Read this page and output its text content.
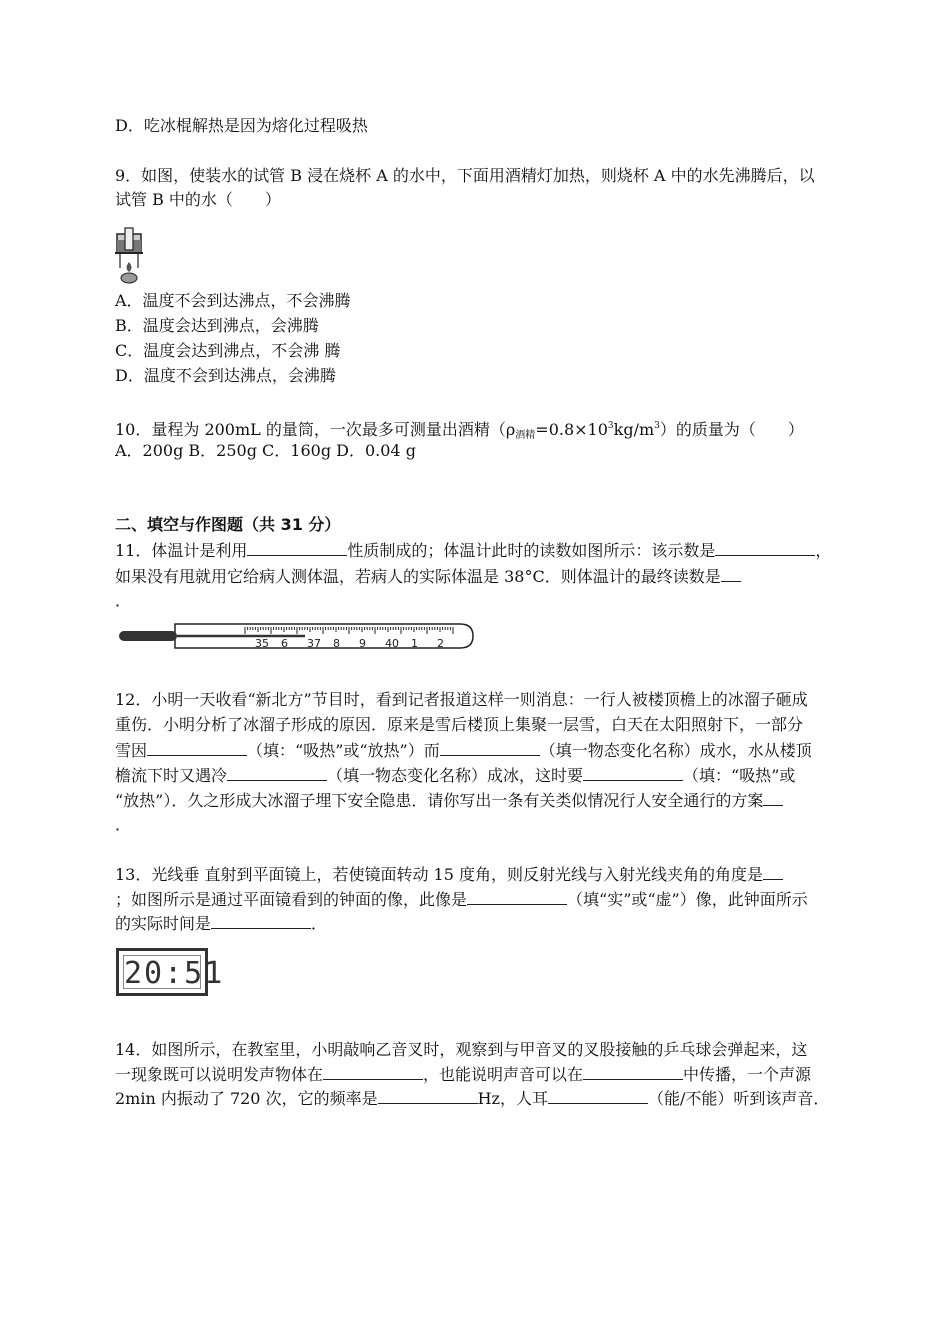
D．吃冰棍解热是因为熔化过程吸热
9．如图，使装水的试管 B 浸在烧杯 A 的水中，下面用酒精灯加热，则烧杯 A 中的水先沸腾后，以
试管 B 中的水（　　）
A．温度不会到达沸点，不会沸腾
B．温度会达到沸点，会沸腾
C．温度会达到沸点，不会沸 腾
D．温度不会到达沸点，会沸腾
10．量程为 200mL 的量筒，一次最多可测量出酒精$(\rho_{酒精}=0.8\times 10^3kg/m^3)$的质量为（　　）
A．200g B．250g C．160g D．0.04 g
二、填空与作图题（共 31 分）
11．体温计是利用	性质制成的；体温计此时的读数如图所示：该示数是	，
如果没有甩就用它给病人测体温，若病人的实际体温是 38°C．则体温计的最终读数是
．
35 6 37 8 9 40 1 2
12．小明一天收看“新北方”节目时，看到记者报道这样一则消息：一行人被楼顶檐上的冰溜子砸成
重伤．小明分析了冰溜子形成的原因．原来是雪后楼顶上集聚一层雪，白天在太阳照射下，一部分
雪因	（填：“吸热”或“放热”）而	（填一物态变化名称）成水，水从楼顶
檐流下时又遇冷	（填一物态变化名称）成冰，这时要	（填：“吸热”或
“放热”）．久之形成大冰溜子埋下安全隐患．请你写出一条有关类似情况行人安全通行的方案
．
13．光线垂 直射到平面镜上，若使镜面转动 15 度角，则反射光线与入射光线夹角的角度是
；如图所示是通过平面镜看到的钟面的像，此像是	（填“实”或“虚”）像，此钟面所示
的实际时间是	．
20:51
14．如图所示，在教室里，小明敲响乙音叉时，观察到与甲音叉的叉股接触的乒乓球会弹起来，这
一现象既可以说明发声物体在	，也能说明声音可以在	中传播，一个声源
2min 内振动了 720 次，它的频率是	Hz，人耳	（能/不能）听到该声音．
